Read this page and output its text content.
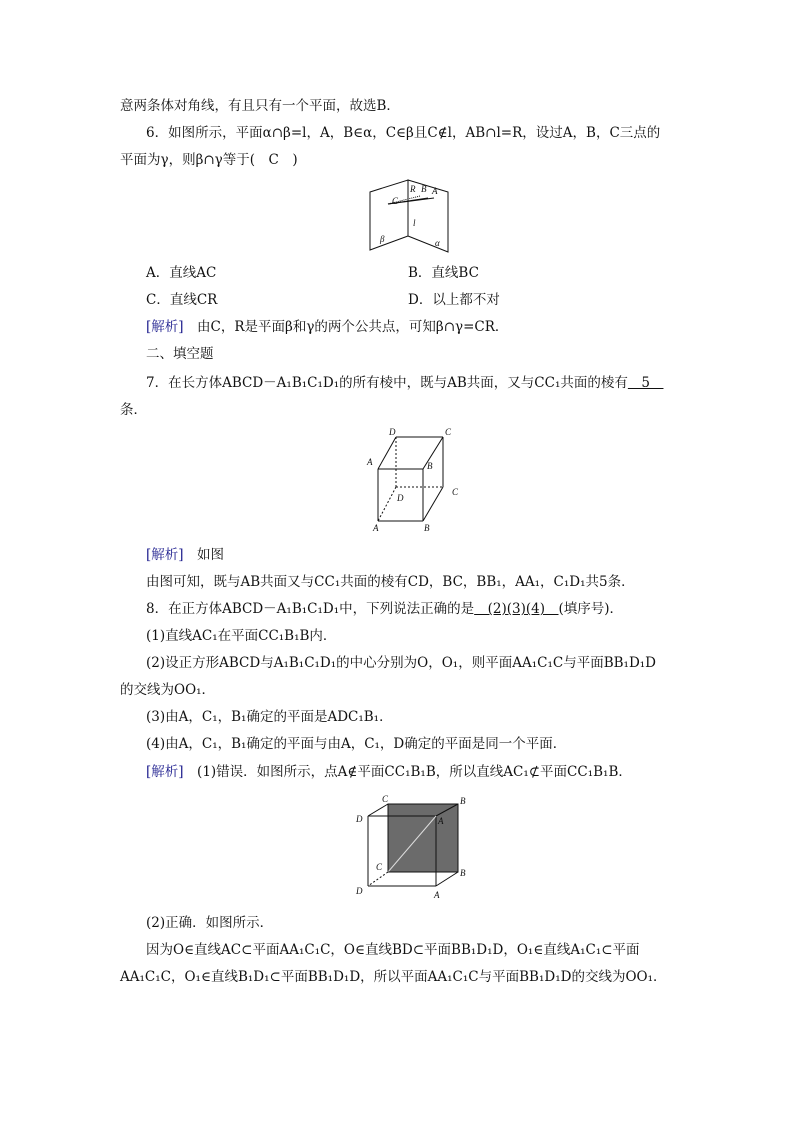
意两条体对角线，有且只有一个平面，故选B．
6．如图所示，平面α∩β=l，A，B∈α，C∈β且C∉l，AB∩l=R，设过A，B，C三点的
平面为γ，则β∩γ等于(　C　)
C
R B A
l
β	α
A．直线AC	B．直线BC
C．直线CR	D．以上都不对
[解析]　 由C，R是平面β和γ的两个公共点，可知β∩γ=CR．
二、填空题
7．在长方体ABCD－A₁B₁C₁D₁的所有棱中，既与AB共面，又与CC₁共面的棱有　5　
条．
D	C
A	B
A	B
C
D
[解析]　 如图
由图可知，既与AB共面又与CC₁共面的棱有CD，BC，BB₁，AA₁，C₁D₁共5条．
8．在正方体ABCD－A₁B₁C₁D₁中，下列说法正确的是　(2)(3)(4)　(填序号)．
(1)直线AC₁在平面CC₁B₁B内．
(2)设正方形ABCD与A₁B₁C₁D₁的中心分别为O，O₁，则平面AA₁C₁C与平面BB₁D₁D
的交线为OO₁．
(3)由A，C₁，B₁确定的平面是ADC₁B₁．
(4)由A，C₁，B₁确定的平面与由A，C₁，D确定的平面是同一个平面．
[解析]　 (1)错误．如图所示，点A∉平面CC₁B₁B，所以直线AC₁⊄平面CC₁B₁B．
C	B
D	A
C
B
D	A
(2)正确．如图所示．
因为O∈直线AC⊂平面AA₁C₁C，O∈直线BD⊂平面BB₁D₁D，O₁∈直线A₁C₁⊂平面
AA₁C₁C，O₁∈直线B₁D₁⊂平面BB₁D₁D，所以平面AA₁C₁C与平面BB₁D₁D的交线为OO₁．
